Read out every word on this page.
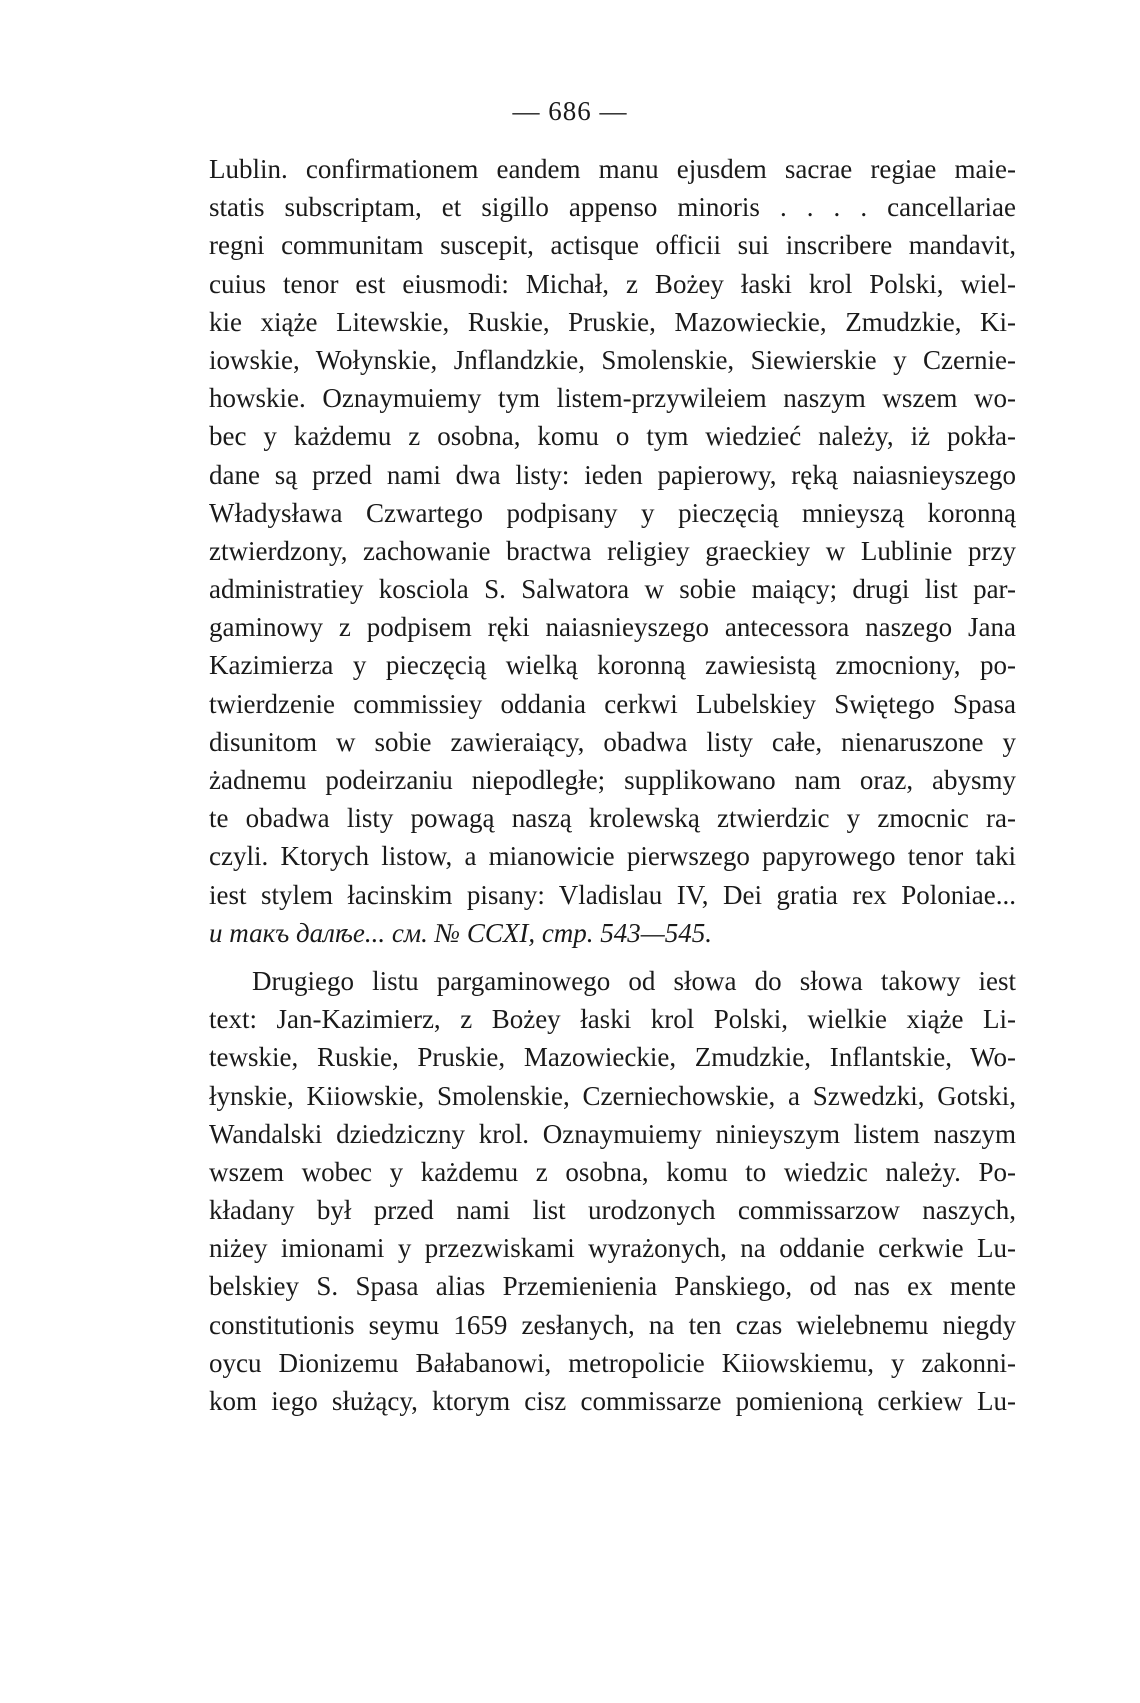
— 686 —
Lublin. confirmationem eandem manu ejusdem sacrae regiae maie-
statis subscriptam, et sigillo appenso minoris . . . . cancellariae
regni communitam suscepit, actisque officii sui inscribere mandavit,
cuius tenor est eiusmodi: Michał, z Bożey łaski krol Polski, wiel-
kie xiąże Litewskie, Ruskie, Pruskie, Mazowieckie, Zmudzkie, Ki-
iowskie, Wołynskie, Jnflandzkie, Smolenskie, Siewierskie y Czernie-
howskie. Oznaymuiemy tym listem-przywileiem naszym wszem wo-
bec y każdemu z osobna, komu o tym wiedzieć należy, iż pokła-
dane są przed nami dwa listy: ieden papierowy, ręką naiasnieyszego
Władysława Czwartego podpisany y pieczęcią mnieyszą koronną
ztwierdzony, zachowanie bractwa religiey graeckiey w Lublinie przy
administratiey kosciola S. Salwatora w sobie maiący; drugi list par-
gaminowy z podpisem ręki naiasnieyszego antecessora naszego Jana
Kazimierza y pieczęcią wielką koronną zawiesistą zmocniony, po-
twierdzenie commissiey oddania cerkwi Lubelskiey Swiętego Spasa
disunitom w sobie zawieraiący, obadwa listy całe, nienaruszone y
żadnemu podeirzaniu niepodległe; supplikowano nam oraz, abysmy
te obadwa listy powagą naszą krolewską ztwierdzic y zmocnic ra-
czyli. Ktorych listow, a mianowicie pierwszego papyrowego tenor taki
iest stylem łacinskim pisany: Vladislau IV, Dei gratia rex Poloniae...
и такъ далѣе... см. № CCXI, стр. 543—545.
Drugiego listu pargaminowego od słowa do słowa takowy iest
text: Jan-Kazimierz, z Bożey łaski krol Polski, wielkie xiąże Li-
tewskie, Ruskie, Pruskie, Mazowieckie, Zmudzkie, Inflantskie, Wo-
łynskie, Kiiowskie, Smolenskie, Czerniechowskie, a Szwedzki, Gotski,
Wandalski dziedziczny krol. Oznaymuiemy ninieyszym listem naszym
wszem wobec y każdemu z osobna, komu to wiedzic należy. Po-
kładany był przed nami list urodzonych commissarzow naszych,
niżey imionami y przezwiskami wyrażonych, na oddanie cerkwie Lu-
belskiey S. Spasa alias Przemienienia Panskiego, od nas ex mente
constitutionis seymu 1659 zesłanych, na ten czas wielebnemu niegdy
oycu Dionizemu Bałabanowi, metropolicie Kiiowskiemu, y zakonni-
kom iego służący, ktorym cisz commissarze pomienioną cerkiew Lu-
